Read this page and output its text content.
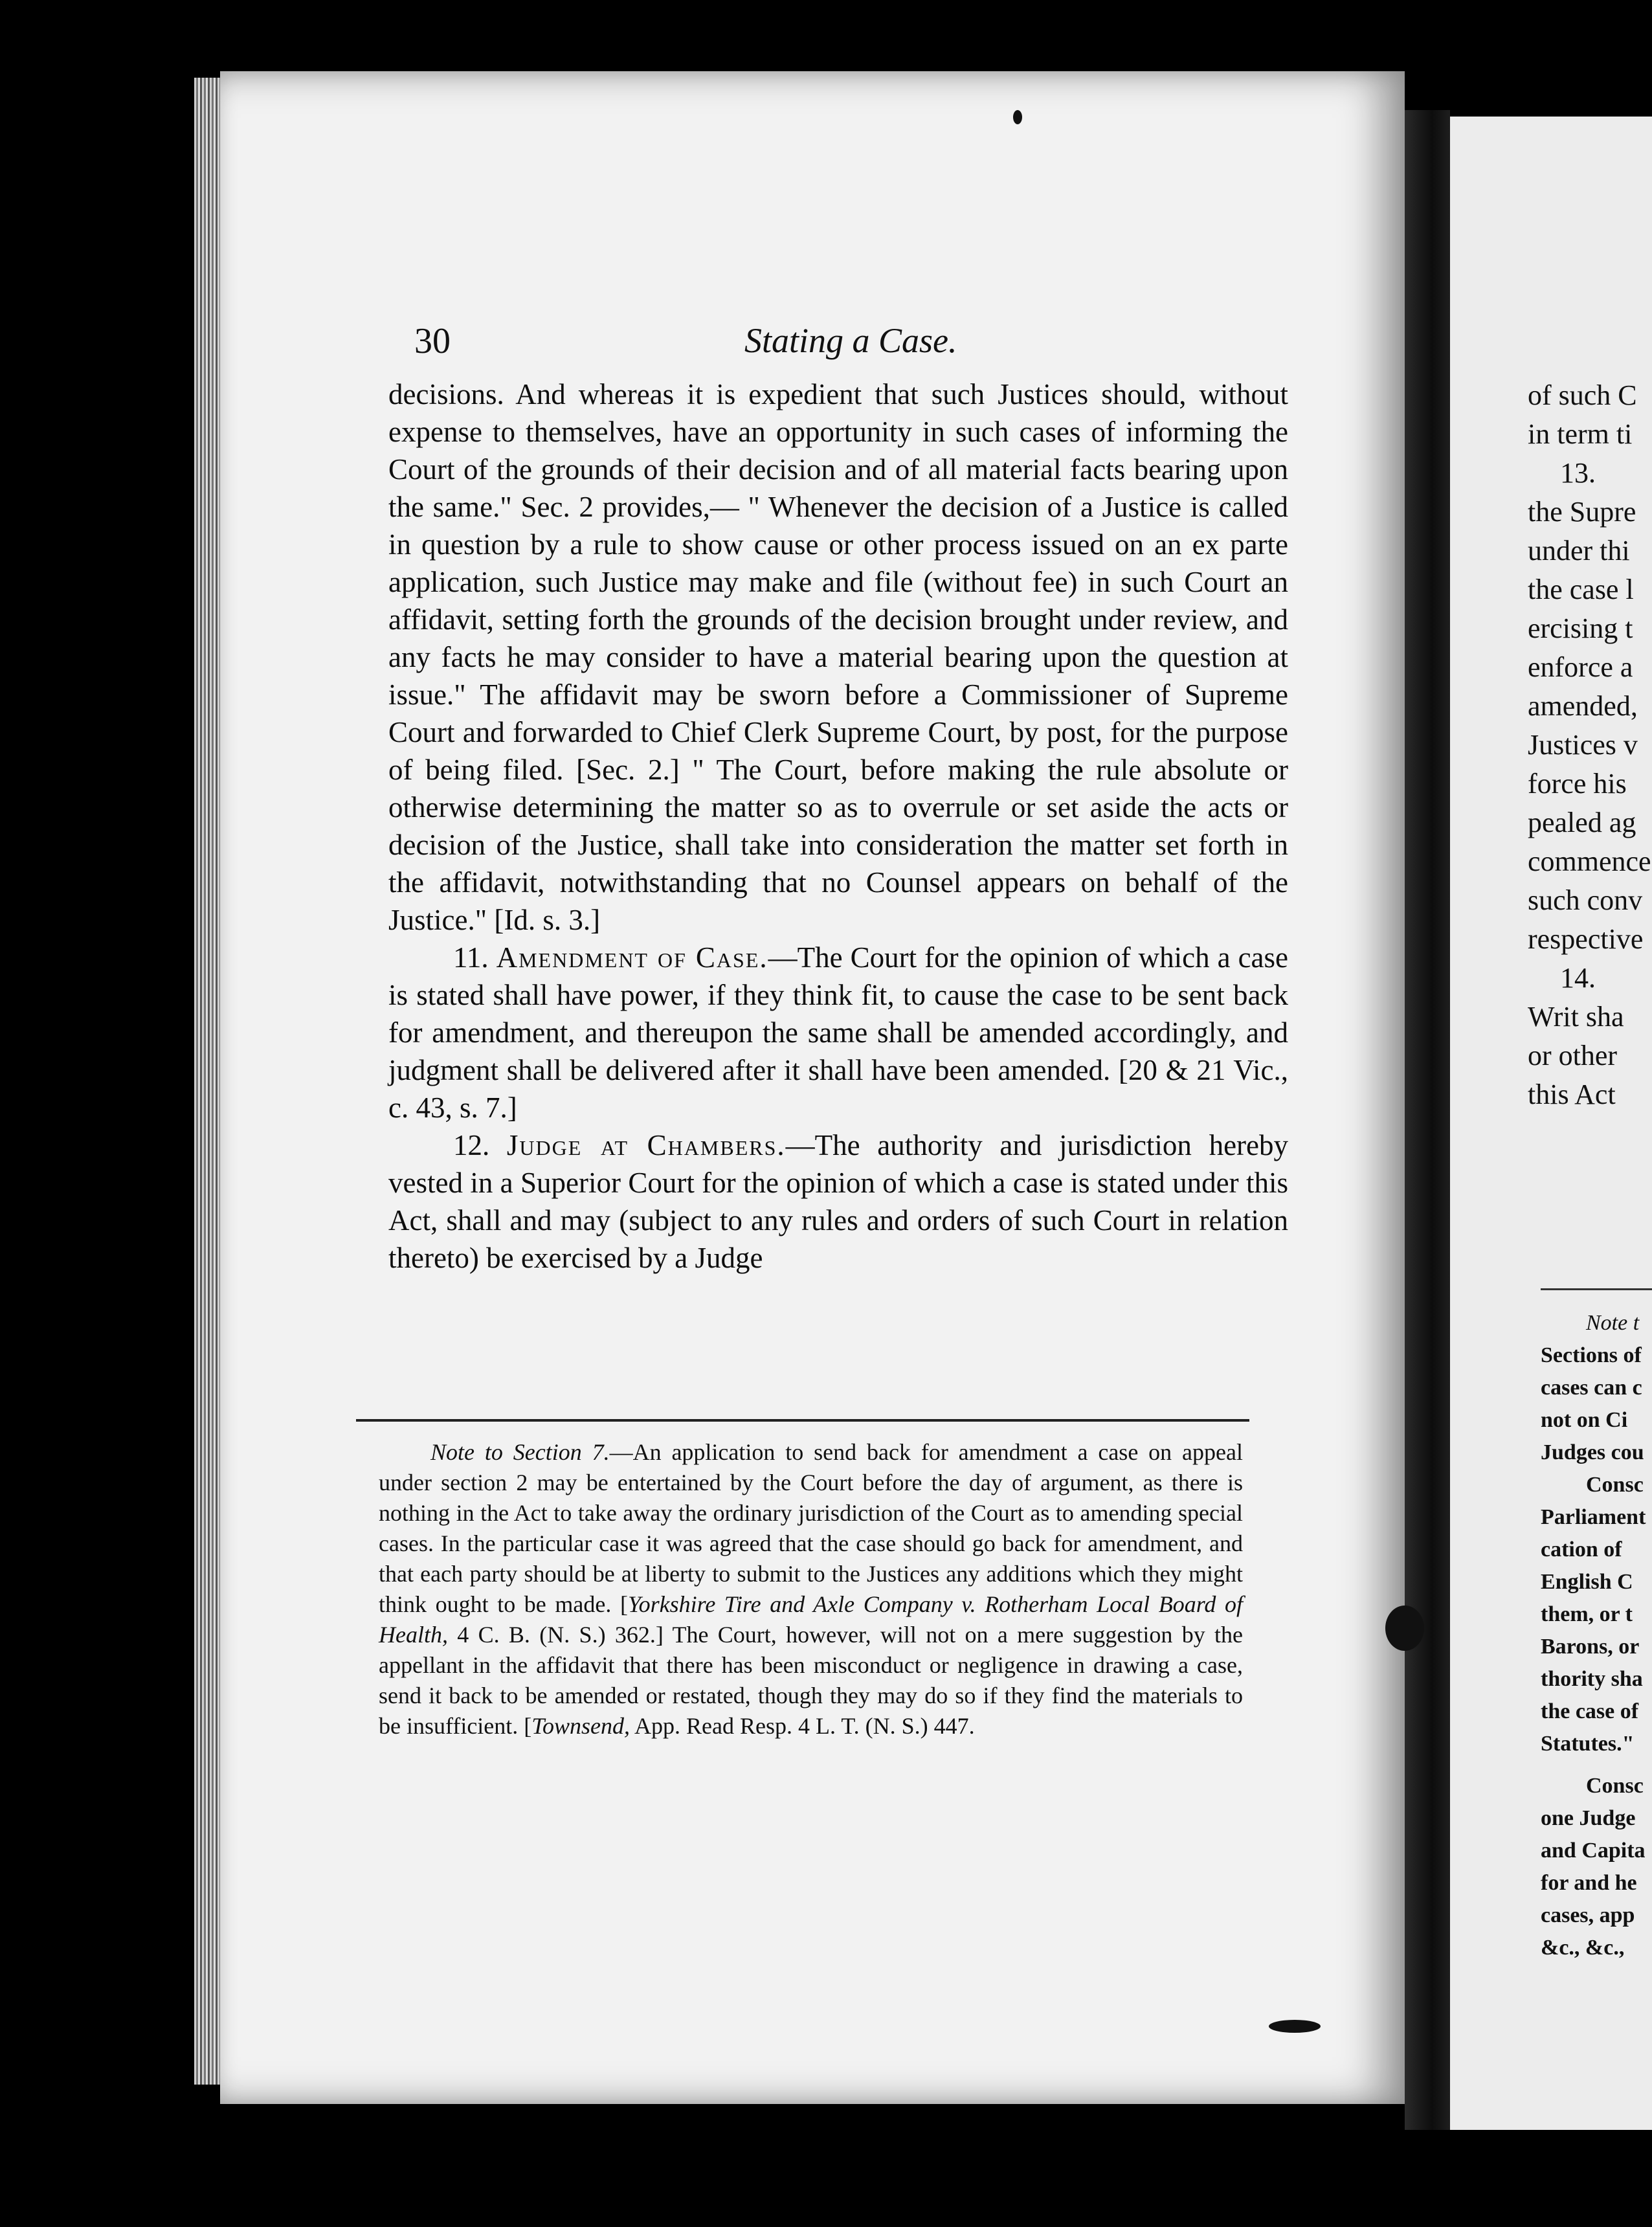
30	Stating a Case.

decisions. And whereas it is expedient that such Justices should, without expense to themselves, have an opportunity in such cases of informing the Court of the grounds of their decision and of all material facts bearing upon the same." Sec. 2 provides,— " Whenever the decision of a Justice is called in question by a rule to show cause or other process issued on an ex parte application, such Justice may make and file (without fee) in such Court an affidavit, setting forth the grounds of the decision brought under review, and any facts he may consider to have a material bearing upon the question at issue." The affidavit may be sworn before a Commissioner of Supreme Court and forwarded to Chief Clerk Supreme Court, by post, for the purpose of being filed. [Sec. 2.] " The Court, before making the rule absolute or otherwise determining the matter so as to overrule or set aside the acts or decision of the Justice, shall take into consideration the matter set forth in the affidavit, notwithstanding that no Counsel appears on behalf of the Justice." [Id. s. 3.]

11. Amendment of Case.—The Court for the opinion of which a case is stated shall have power, if they think fit, to cause the case to be sent back for amendment, and thereupon the same shall be amended accordingly, and judgment shall be delivered after it shall have been amended. [20 & 21 Vic., c. 43, s. 7.]

12. Judge at Chambers.—The authority and jurisdiction hereby vested in a Superior Court for the opinion of which a case is stated under this Act, shall and may (subject to any rules and orders of such Court in relation thereto) be exercised by a Judge

Note to Section 7.—An application to send back for amendment a case on appeal under section 2 may be entertained by the Court before the day of argument, as there is nothing in the Act to take away the ordinary jurisdiction of the Court as to amending special cases. In the particular case it was agreed that the case should go back for amendment, and that each party should be at liberty to submit to the Justices any additions which they might think ought to be made. [Yorkshire Tire and Axle Company v. Rotherham Local Board of Health, 4 C. B. (N. S.) 362.] The Court, however, will not on a mere suggestion by the appellant in the affidavit that there has been misconduct or negligence in drawing a case, send it back to be amended or restated, though they may do so if they find the materials to be insufficient. [Townsend, App. Read Resp. 4 L. T. (N. S.) 447.

of such C
in term ti
13.
the Supre
under thi
the case l
ercising t
enforce a
amended,
Justices v
force his
pealed ag
commence
such conv
respective
14.
Writ sha
or other
this Act
Note t
Sections of
cases can c
not on Ci
Judges cou
Consc
Parliament
cation of
English C
them, or t
Barons, or
thority sha
the case of
Statutes."
Consc
one Judge
and Capita
for and he
cases, app
&c., &c.,
